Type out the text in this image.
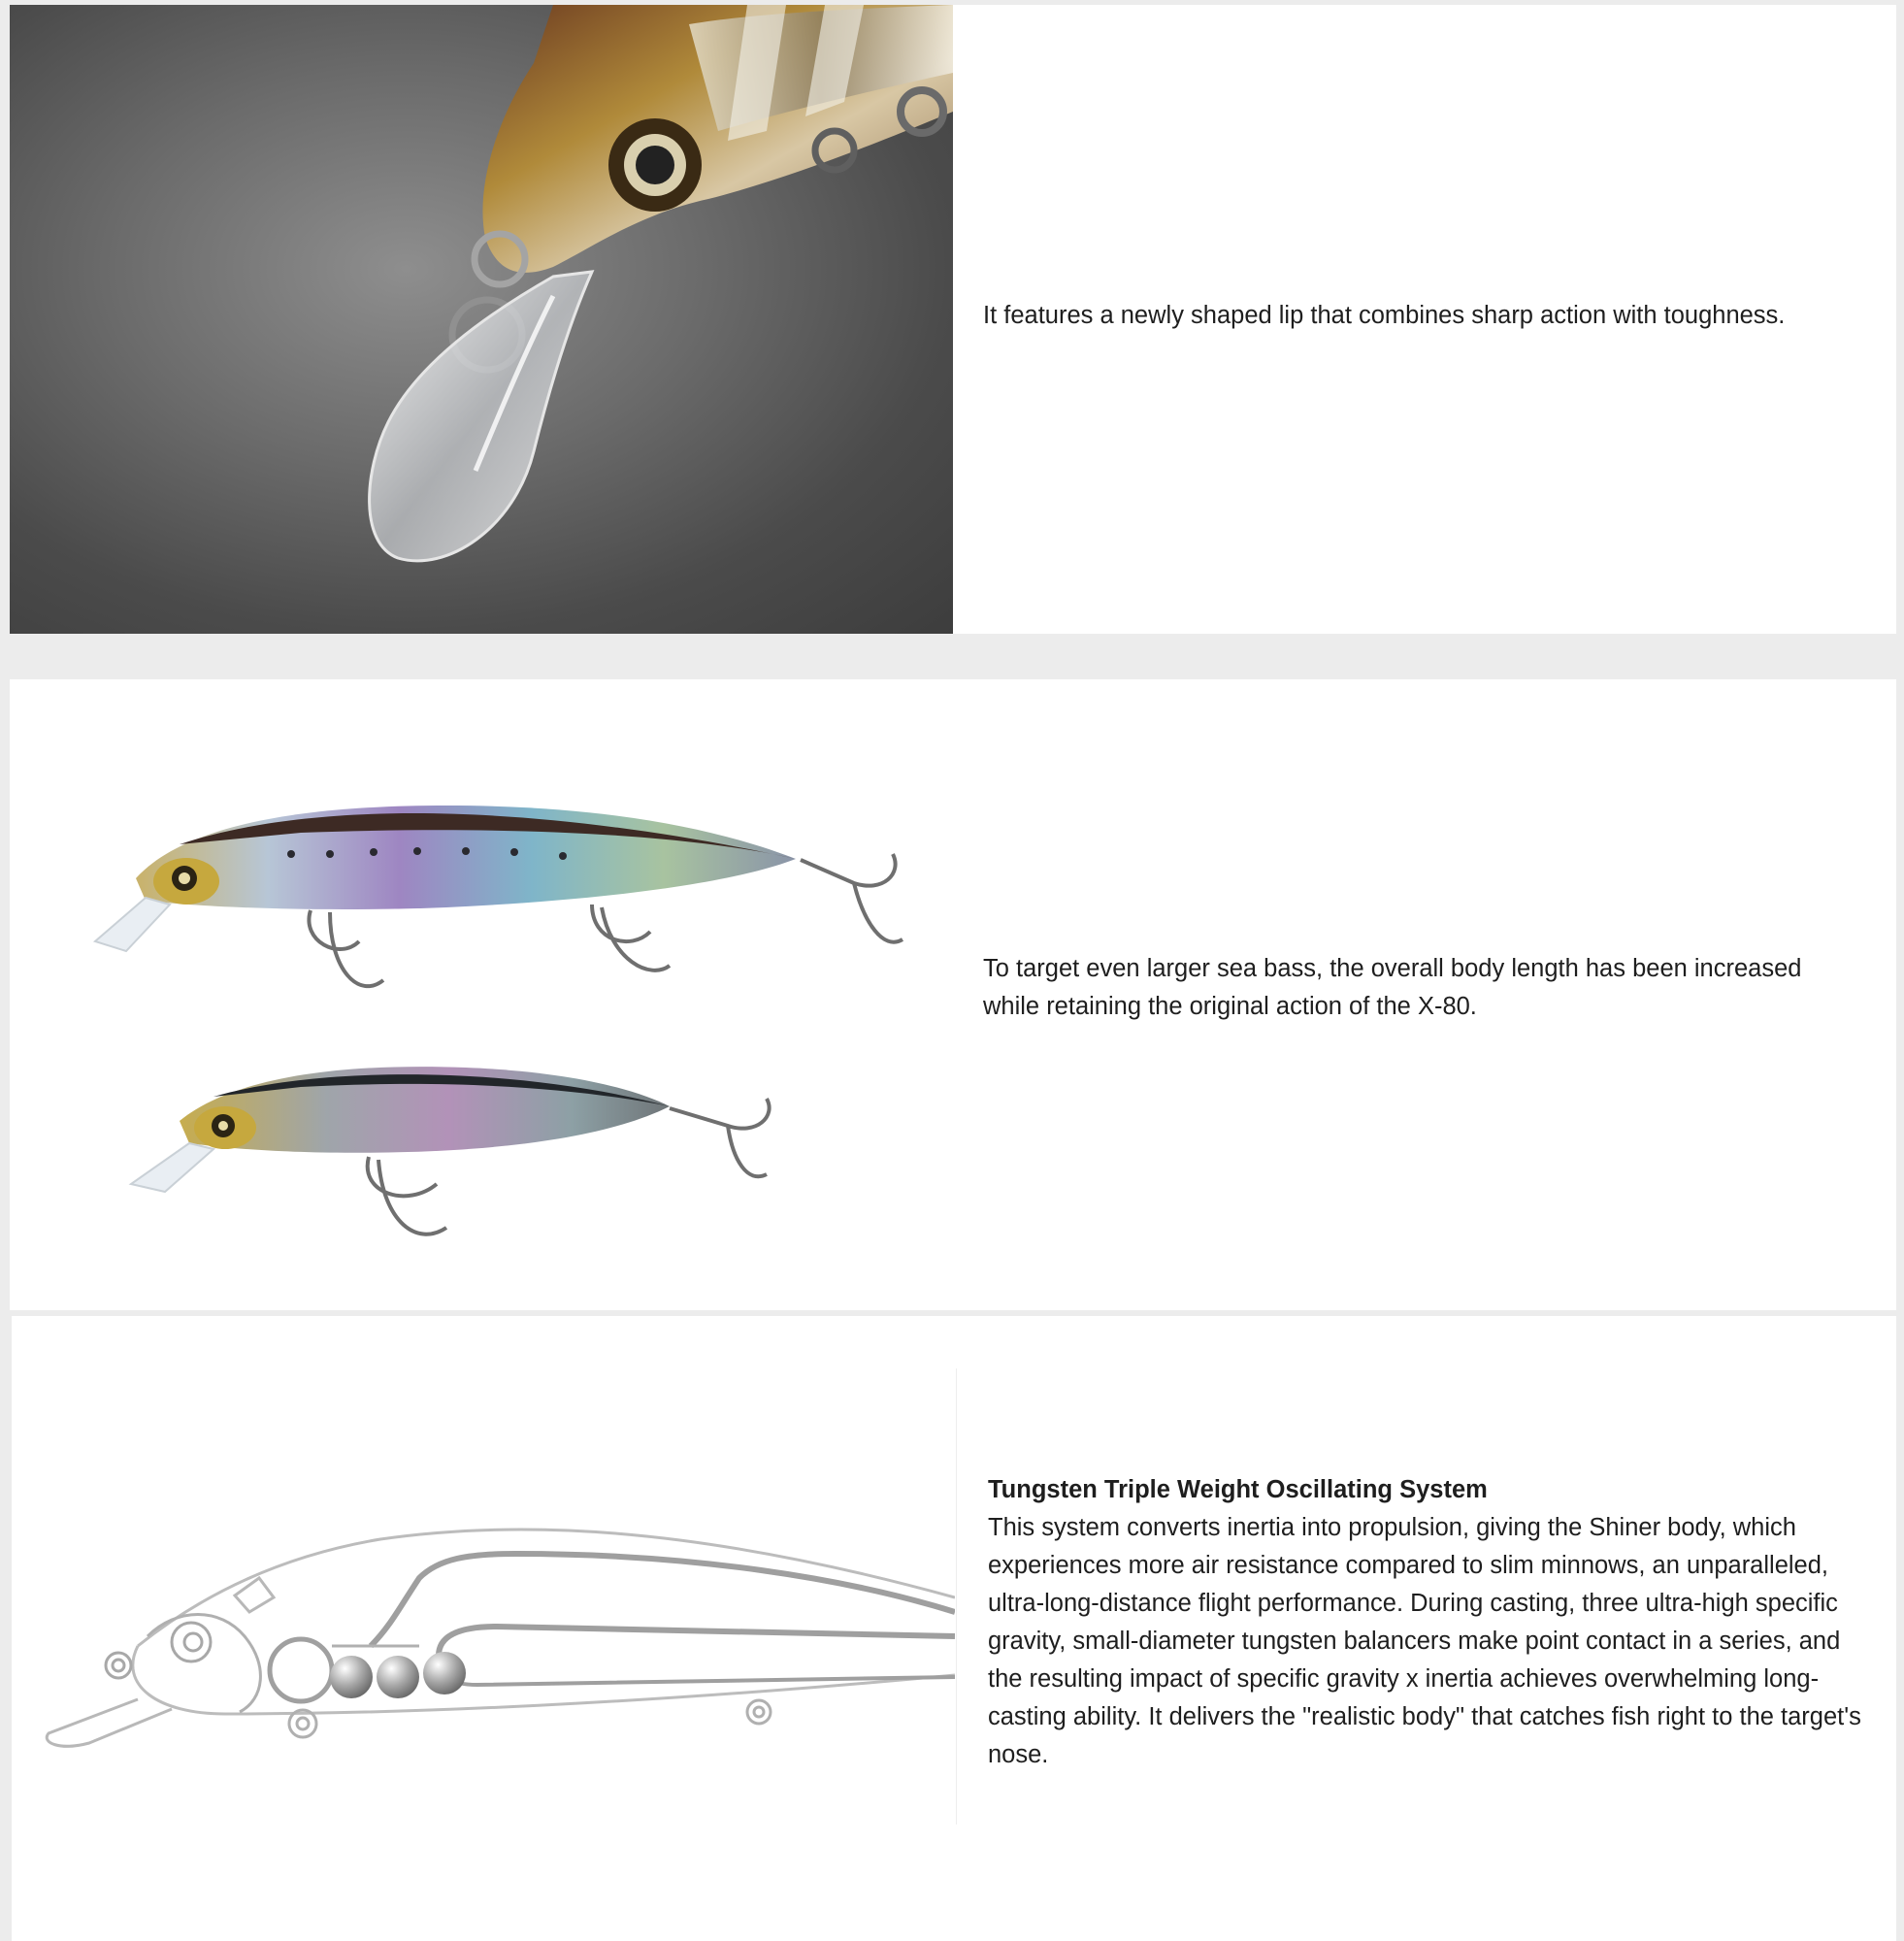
It features a newly shaped lip that combines sharp action with toughness.
To target even larger sea bass, the overall body length has been increased while retaining the original action of the X-80.
Tungsten Triple Weight Oscillating System
This system converts inertia into propulsion, giving the Shiner body, which experiences more air resistance compared to slim minnows, an unparalleled, ultra-long-distance flight performance. During casting, three ultra-high specific gravity, small-diameter tungsten balancers make point contact in a series, and the resulting impact of specific gravity x inertia achieves overwhelming long-casting ability. It delivers the "realistic body" that catches fish right to the target's nose.
